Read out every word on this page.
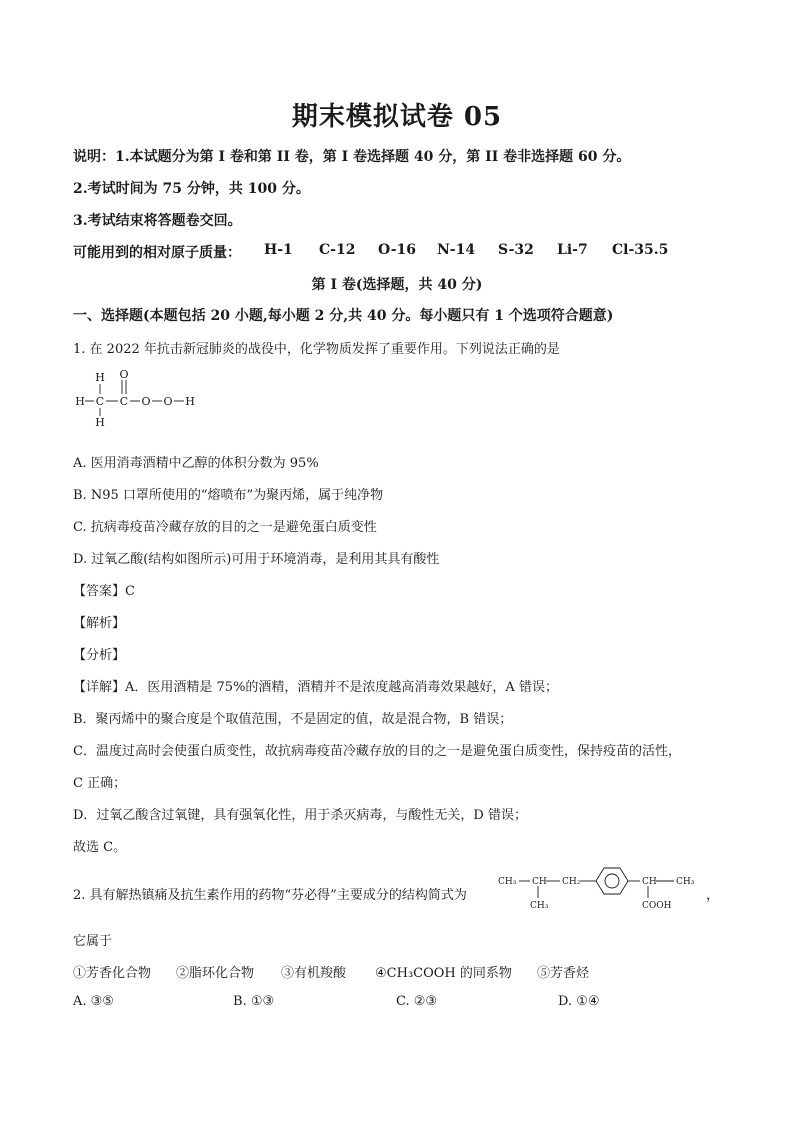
期末模拟试卷 05
说明：1.本试题分为第 I 卷和第 II 卷，第 I 卷选择题 40 分，第 II 卷非选择题 60 分。
2.考试时间为 75 分钟，共 100 分。
3.考试结束将答题卷交回。
可能用到的相对原子质量： H-1 C-12 O-16 N-14 S-32 Li-7 Cl-35.5
第 I 卷(选择题，共 40 分)
一、选择题(本题包括 20 小题,每小题 2 分,共 40 分。每小题只有 1 个选项符合题意)
1. 在 2022 年抗击新冠肺炎的战役中，化学物质发挥了重要作用。下列说法正确的是
H
H
H
C C
O
O O H
A. 医用消毒酒精中乙醇的体积分数为 95%
B. N95 口罩所使用的“熔喷布”为聚丙烯，属于纯净物
C. 抗病毒疫苗冷藏存放的目的之一是避免蛋白质变性
D. 过氧乙酸(结构如图所示)可用于环境消毒，是利用其具有酸性
【答案】C
【解析】
【分析】
【详解】A．医用酒精是 75%的酒精，酒精并不是浓度越高消毒效果越好，A 错误；
B．聚丙烯中的聚合度是个取值范围，不是固定的值，故是混合物，B 错误；
C．温度过高时会使蛋白质变性，故抗病毒疫苗冷藏存放的目的之一是避免蛋白质变性，保持疫苗的活性，
C 正确；
D．过氧乙酸含过氧键，具有强氧化性，用于杀灭病毒，与酸性无关，D 错误；
故选 C。
2. 具有解热镇痛及抗生素作用的药物“芬必得”主要成分的结构简式为
CH₃ CH CH₂	CH CH₃
CH₃	COOH
，
它属于
①芳香化合物 ②脂环化合物 ③有机羧酸 ④CH₃COOH 的同系物 ⑤芳香烃
A. ③⑤	B. ①③	C. ②③	D. ①④
